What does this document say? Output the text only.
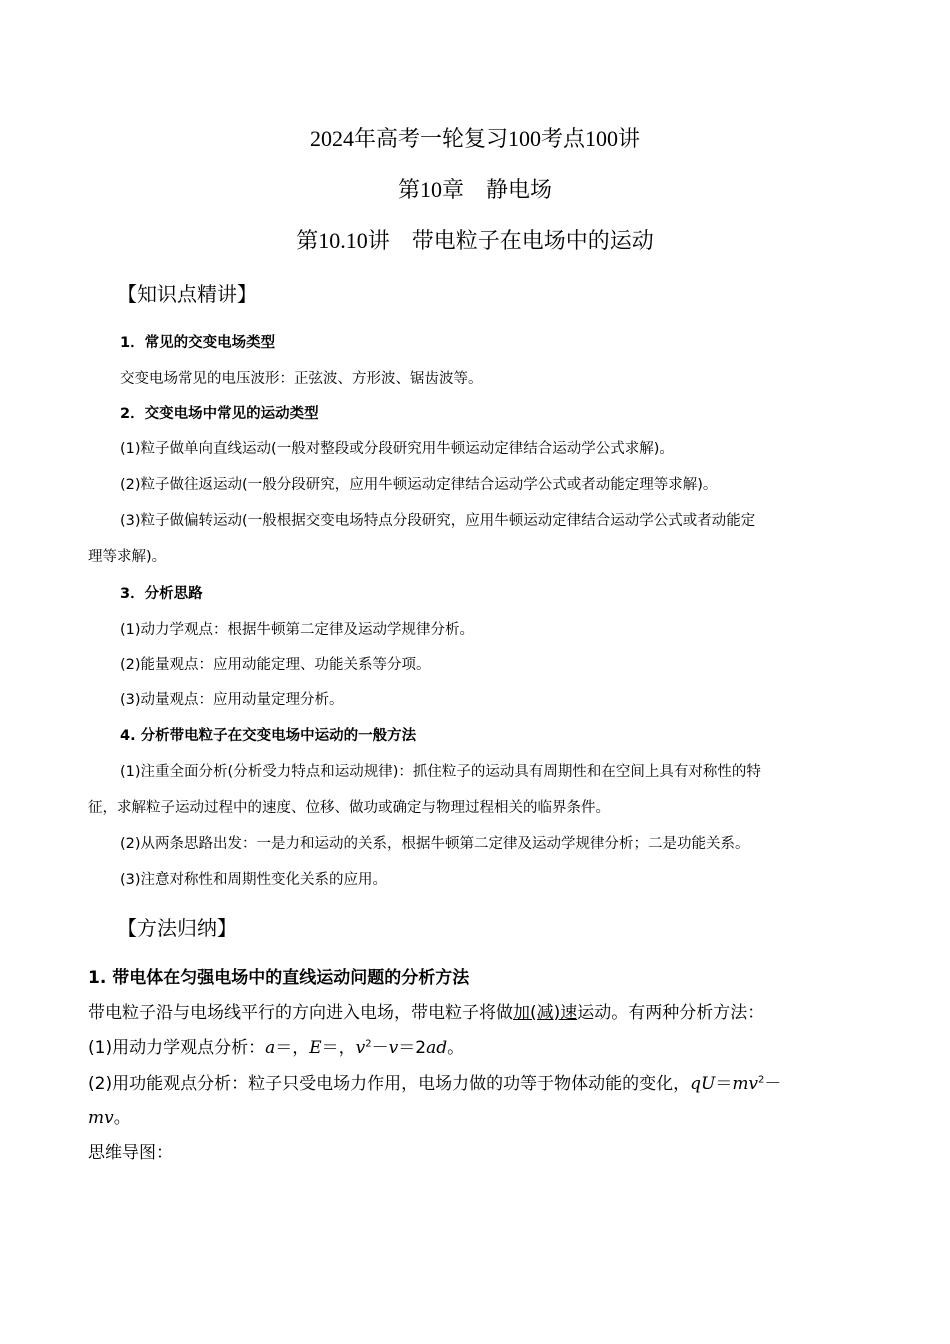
2024年高考一轮复习100考点100讲
第10章　静电场
第10.10讲　带电粒子在电场中的运动
【知识点精讲】
1．常见的交变电场类型
交变电场常见的电压波形：正弦波、方形波、锯齿波等。
2．交变电场中常见的运动类型
(1)粒子做单向直线运动(一般对整段或分段研究用牛顿运动定律结合运动学公式求解)。
(2)粒子做往返运动(一般分段研究，应用牛顿运动定律结合运动学公式或者动能定理等求解)。
(3)粒子做偏转运动(一般根据交变电场特点分段研究，应用牛顿运动定律结合运动学公式或者动能定
理等求解)。
3．分析思路
(1)动力学观点：根据牛顿第二定律及运动学规律分析。
(2)能量观点：应用动能定理、功能关系等分项。
(3)动量观点：应用动量定理分析。
4. 分析带电粒子在交变电场中运动的一般方法
(1)注重全面分析(分析受力特点和运动规律)：抓住粒子的运动具有周期性和在空间上具有对称性的特
征，求解粒子运动过程中的速度、位移、做功或确定与物理过程相关的临界条件。
(2)从两条思路出发：一是力和运动的关系，根据牛顿第二定律及运动学规律分析；二是功能关系。
(3)注意对称性和周期性变化关系的应用。
【方法归纳】
1. 带电体在匀强电场中的直线运动问题的分析方法
带电粒子沿与电场线平行的方向进入电场，带电粒子将做加(减)速运动。有两种分析方法：
(1)用动力学观点分析：a＝，E＝，$v^2-v=2ad$。
(2)用功能观点分析：粒子只受电场力作用，电场力做的功等于物体动能的变化，$qU=mv^2-$
mv。
思维导图：
